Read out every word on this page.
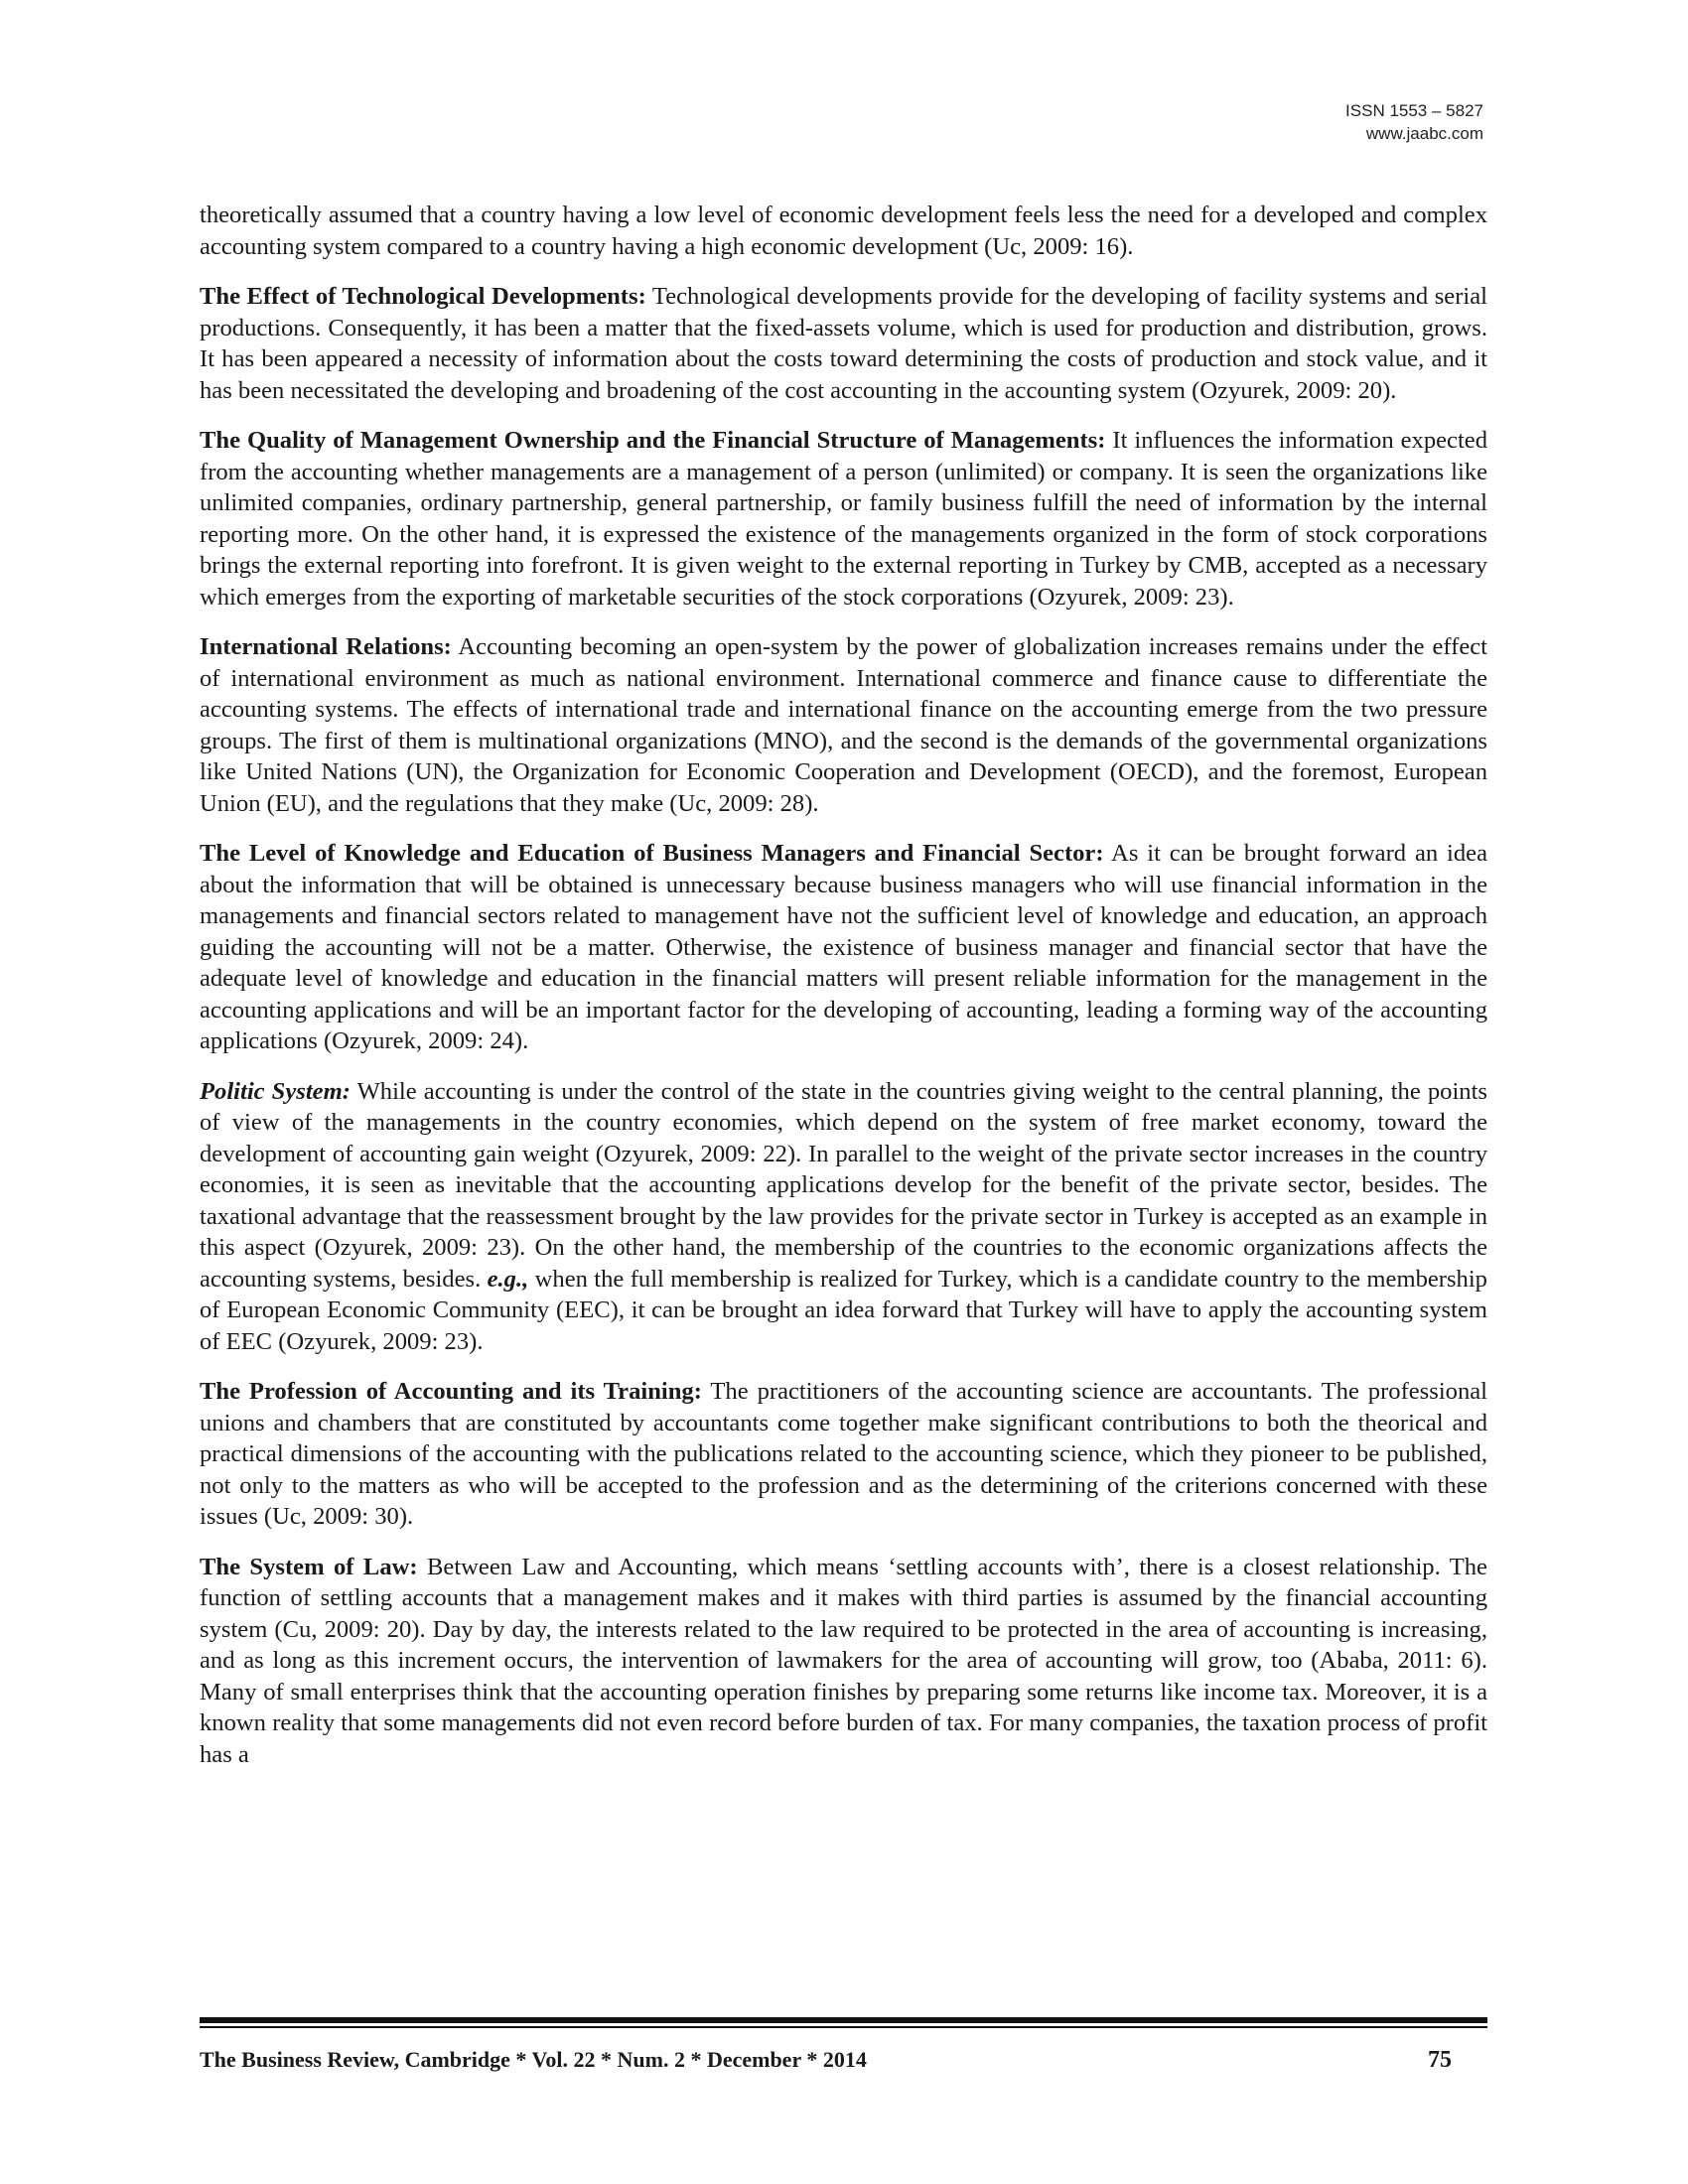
ISSN 1553 – 5827
www.jaabc.com

theoretically assumed that a country having a low level of economic development feels less the need for a developed and complex accounting system compared to a country having a high economic development (Uc, 2009: 16).

The Effect of Technological Developments: Technological developments provide for the developing of facility systems and serial productions. Consequently, it has been a matter that the fixed-assets volume, which is used for production and distribution, grows. It has been appeared a necessity of information about the costs toward determining the costs of production and stock value, and it has been necessitated the developing and broadening of the cost accounting in the accounting system (Ozyurek, 2009: 20).

The Quality of Management Ownership and the Financial Structure of Managements: It influences the information expected from the accounting whether managements are a management of a person (unlimited) or company. It is seen the organizations like unlimited companies, ordinary partnership, general partnership, or family business fulfill the need of information by the internal reporting more. On the other hand, it is expressed the existence of the managements organized in the form of stock corporations brings the external reporting into forefront. It is given weight to the external reporting in Turkey by CMB, accepted as a necessary which emerges from the exporting of marketable securities of the stock corporations (Ozyurek, 2009: 23).

International Relations: Accounting becoming an open-system by the power of globalization increases remains under the effect of international environment as much as national environment. International commerce and finance cause to differentiate the accounting systems. The effects of international trade and international finance on the accounting emerge from the two pressure groups. The first of them is multinational organizations (MNO), and the second is the demands of the governmental organizations like United Nations (UN), the Organization for Economic Cooperation and Development (OECD), and the foremost, European Union (EU), and the regulations that they make (Uc, 2009: 28).

The Level of Knowledge and Education of Business Managers and Financial Sector: As it can be brought forward an idea about the information that will be obtained is unnecessary because business managers who will use financial information in the managements and financial sectors related to management have not the sufficient level of knowledge and education, an approach guiding the accounting will not be a matter. Otherwise, the existence of business manager and financial sector that have the adequate level of knowledge and education in the financial matters will present reliable information for the management in the accounting applications and will be an important factor for the developing of accounting, leading a forming way of the accounting applications (Ozyurek, 2009: 24).

Politic System: While accounting is under the control of the state in the countries giving weight to the central planning, the points of view of the managements in the country economies, which depend on the system of free market economy, toward the development of accounting gain weight (Ozyurek, 2009: 22). In parallel to the weight of the private sector increases in the country economies, it is seen as inevitable that the accounting applications develop for the benefit of the private sector, besides. The taxational advantage that the reassessment brought by the law provides for the private sector in Turkey is accepted as an example in this aspect (Ozyurek, 2009: 23). On the other hand, the membership of the countries to the economic organizations affects the accounting systems, besides. e.g., when the full membership is realized for Turkey, which is a candidate country to the membership of European Economic Community (EEC), it can be brought an idea forward that Turkey will have to apply the accounting system of EEC (Ozyurek, 2009: 23).

The Profession of Accounting and its Training: The practitioners of the accounting science are accountants. The professional unions and chambers that are constituted by accountants come together make significant contributions to both the theorical and practical dimensions of the accounting with the publications related to the accounting science, which they pioneer to be published, not only to the matters as who will be accepted to the profession and as the determining of the criterions concerned with these issues (Uc, 2009: 30).

The System of Law: Between Law and Accounting, which means ‘settling accounts with’, there is a closest relationship. The function of settling accounts that a management makes and it makes with third parties is assumed by the financial accounting system (Cu, 2009: 20). Day by day, the interests related to the law required to be protected in the area of accounting is increasing, and as long as this increment occurs, the intervention of lawmakers for the area of accounting will grow, too (Ababa, 2011: 6). Many of small enterprises think that the accounting operation finishes by preparing some returns like income tax. Moreover, it is a known reality that some managements did not even record before burden of tax. For many companies, the taxation process of profit has a

The Business Review, Cambridge * Vol. 22 * Num. 2 * December * 2014	75
